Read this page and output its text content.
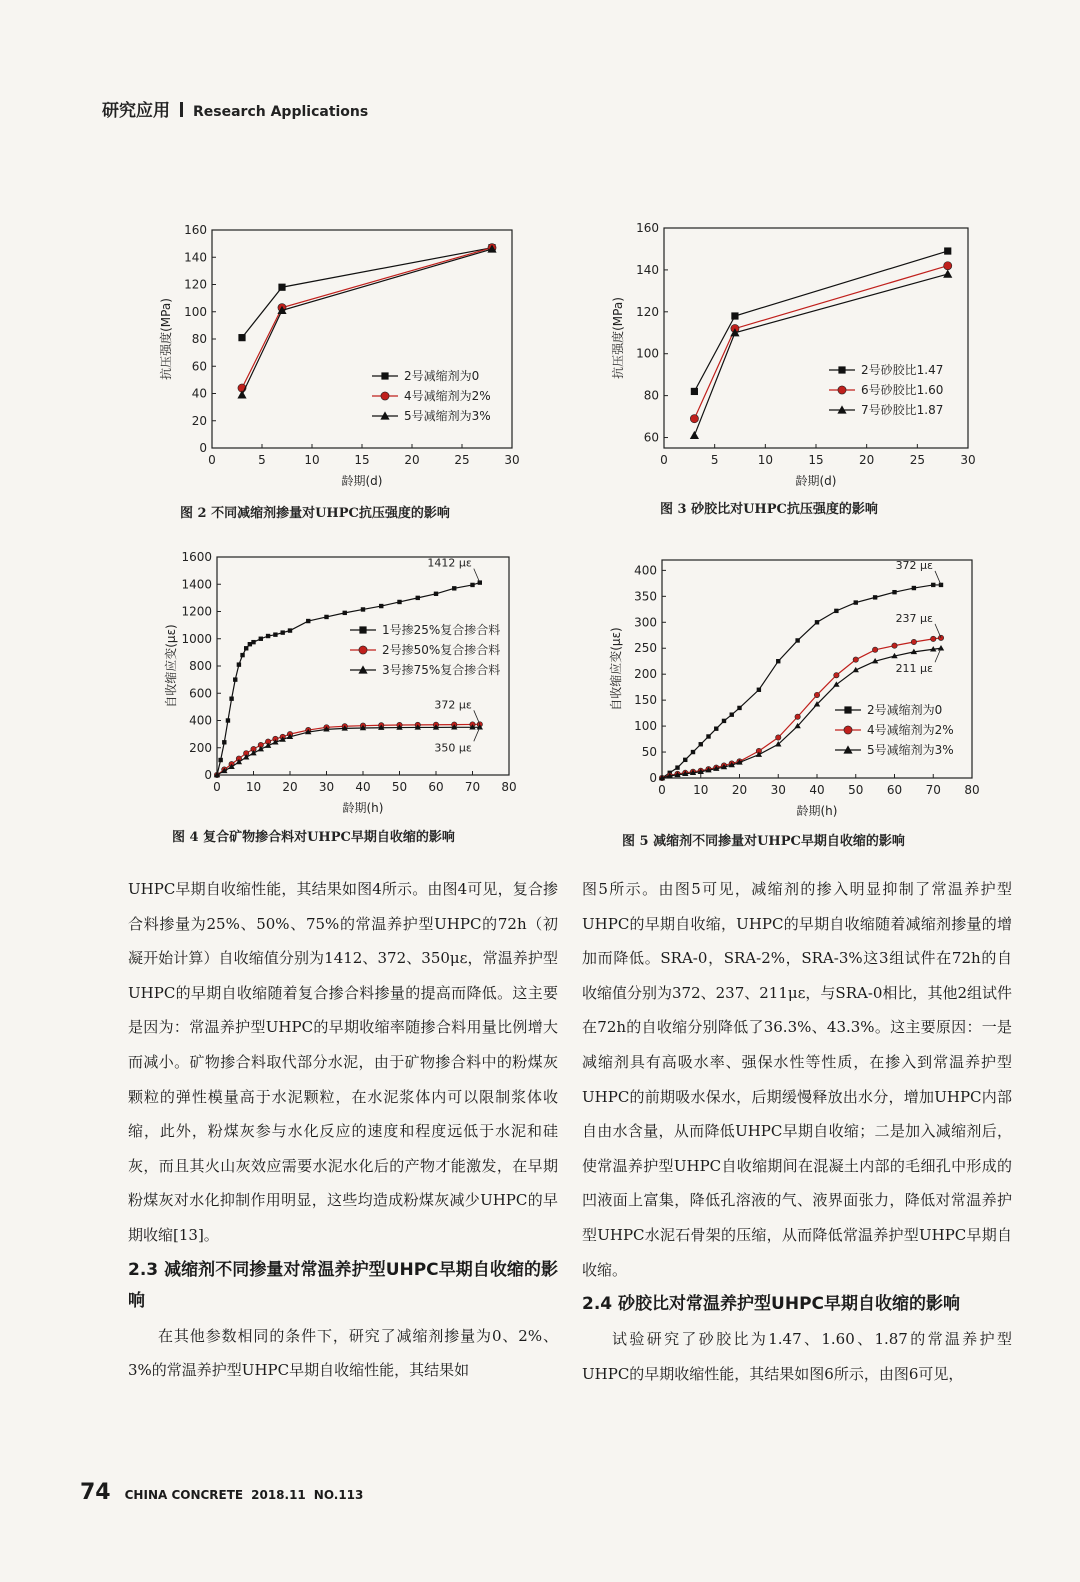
研究应用 Research Applications
0	5	10	15	20	25	30
0
20
40
60
80
100
120
140
160
龄期(d)
抗压强度(MPa)	2号减缩剂为0
4号减缩剂为2%
5号减缩剂为3%
图 2 不同减缩剂掺量对UHPC抗压强度的影响
0	5	10	15	20	25	30
60
80
100
120
140
160
龄期(d)
抗压强度(MPa)	2号砂胶比1.47
6号砂胶比1.60
7号砂胶比1.87
图 3 砂胶比对UHPC抗压强度的影响
0 10 20 30 40 50 60 70 80
0
200
400
600
800
1000
1200
1400
1600
龄期(h)
自收缩应变(με)	1号掺25%复合掺合料
2号掺50%复合掺合料
3号掺75%复合掺合料
1412 με
372 με
350 με
图 4 复合矿物掺合料对UHPC早期自收缩的影响
0 10 20 30 40 50 60 70 80
0
50
100
150
200
250
300
350
400
龄期(h)
自收缩应变(με)	2号减缩剂为0
4号减缩剂为2%
5号减缩剂为3%
372 με
237 με
211 με
图 5 减缩剂不同掺量对UHPC早期自收缩的影响

UHPC早期自收缩性能，其结果如图4所示。由图4可见，复合掺合料掺量为25%、50%、75%的常温养护型UHPC的72h（初凝开始计算）自收缩值分别为1412、372、350με，常温养护型UHPC的早期自收缩随着复合掺合料掺量的提高而降低。这主要是因为：常温养护型UHPC的早期收缩率随掺合料用量比例增大而减小。矿物掺合料取代部分水泥，由于矿物掺合料中的粉煤灰颗粒的弹性模量高于水泥颗粒，在水泥浆体内可以限制浆体收缩，此外，粉煤灰参与水化反应的速度和程度远低于水泥和硅灰，而且其火山灰效应需要水泥水化后的产物才能激发，在早期粉煤灰对水化抑制作用明显，这些均造成粉煤灰减少UHPC的早期收缩[13]。

2.3 减缩剂不同掺量对常温养护型UHPC早期自收缩的影响

在其他参数相同的条件下，研究了减缩剂掺量为0、2%、3%的常温养护型UHPC早期自收缩性能，其结果如

图5所示。由图5可见，减缩剂的掺入明显抑制了常温养护型UHPC的早期自收缩，UHPC的早期自收缩随着减缩剂掺量的增加而降低。SRA-0，SRA-2%，SRA-3%这3组试件在72h的自收缩值分别为372、237、211με，与SRA-0相比，其他2组试件在72h的自收缩分别降低了36.3%、43.3%。这主要原因：一是减缩剂具有高吸水率、强保水性等性质，在掺入到常温养护型UHPC的前期吸水保水，后期缓慢释放出水分，增加UHPC内部自由水含量，从而降低UHPC早期自收缩；二是加入减缩剂后，使常温养护型UHPC自收缩期间在混凝土内部的毛细孔中形成的凹液面上富集，降低孔溶液的气、液界面张力，降低对常温养护型UHPC水泥石骨架的压缩，从而降低常温养护型UHPC早期自收缩。

2.4 砂胶比对常温养护型UHPC早期自收缩的影响

试验研究了砂胶比为1.47、1.60、1.87的常温养护型UHPC的早期收缩性能，其结果如图6所示，由图6可见，

74 CHINA CONCRETE 2018.11 NO.113
